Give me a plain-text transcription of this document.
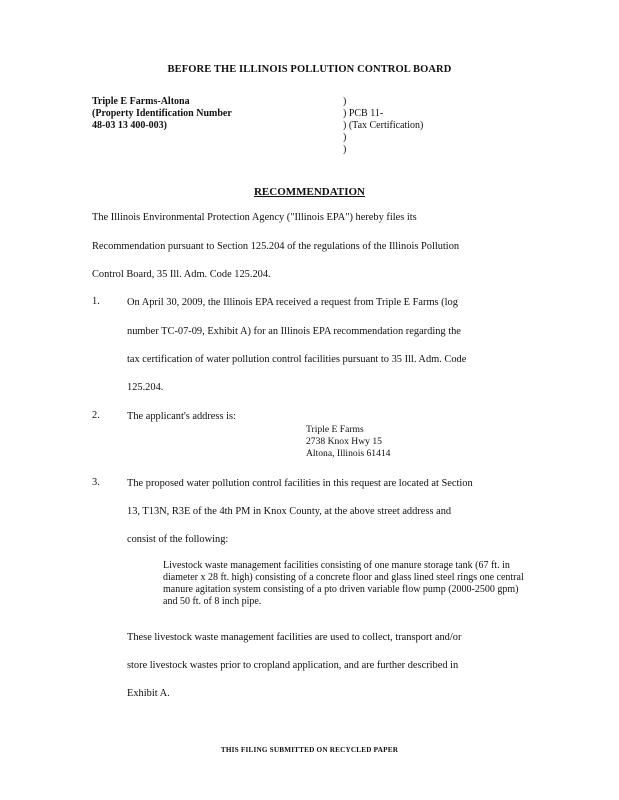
BEFORE THE ILLINOIS POLLUTION CONTROL BOARD
Triple E Farms-Altona
(Property Identification Number
48-03 13 400-003)
)
) PCB 11-
) (Tax Certification)
)
)
RECOMMENDATION
The Illinois Environmental Protection Agency ("Illinois EPA") hereby files its
Recommendation pursuant to Section 125.204 of the regulations of the Illinois Pollution
Control Board, 35 Ill. Adm. Code 125.204.
1.	On April 30, 2009, the Illinois EPA received a request from Triple E Farms (log
number TC-07-09, Exhibit A) for an Illinois EPA recommendation regarding the
tax certification of water pollution control facilities pursuant to 35 Ill. Adm. Code
125.204.
2.	The applicant's address is:
Triple E Farms
2738 Knox Hwy 15
Altona, Illinois 61414
3.	The proposed water pollution control facilities in this request are located at Section
13, T13N, R3E of the 4th PM in Knox County, at the above street address and
consist of the following:
Livestock waste management facilities consisting of one manure storage tank (67 ft. in diameter x 28 ft. high) consisting of a concrete floor and glass lined steel rings one central manure agitation system consisting of a pto driven variable flow pump (2000-2500 gpm) and 50 ft. of 8 inch pipe.
These livestock waste management facilities are used to collect, transport and/or
store livestock wastes prior to cropland application, and are further described in
Exhibit A.
THIS FILING SUBMITTED ON RECYCLED PAPER
